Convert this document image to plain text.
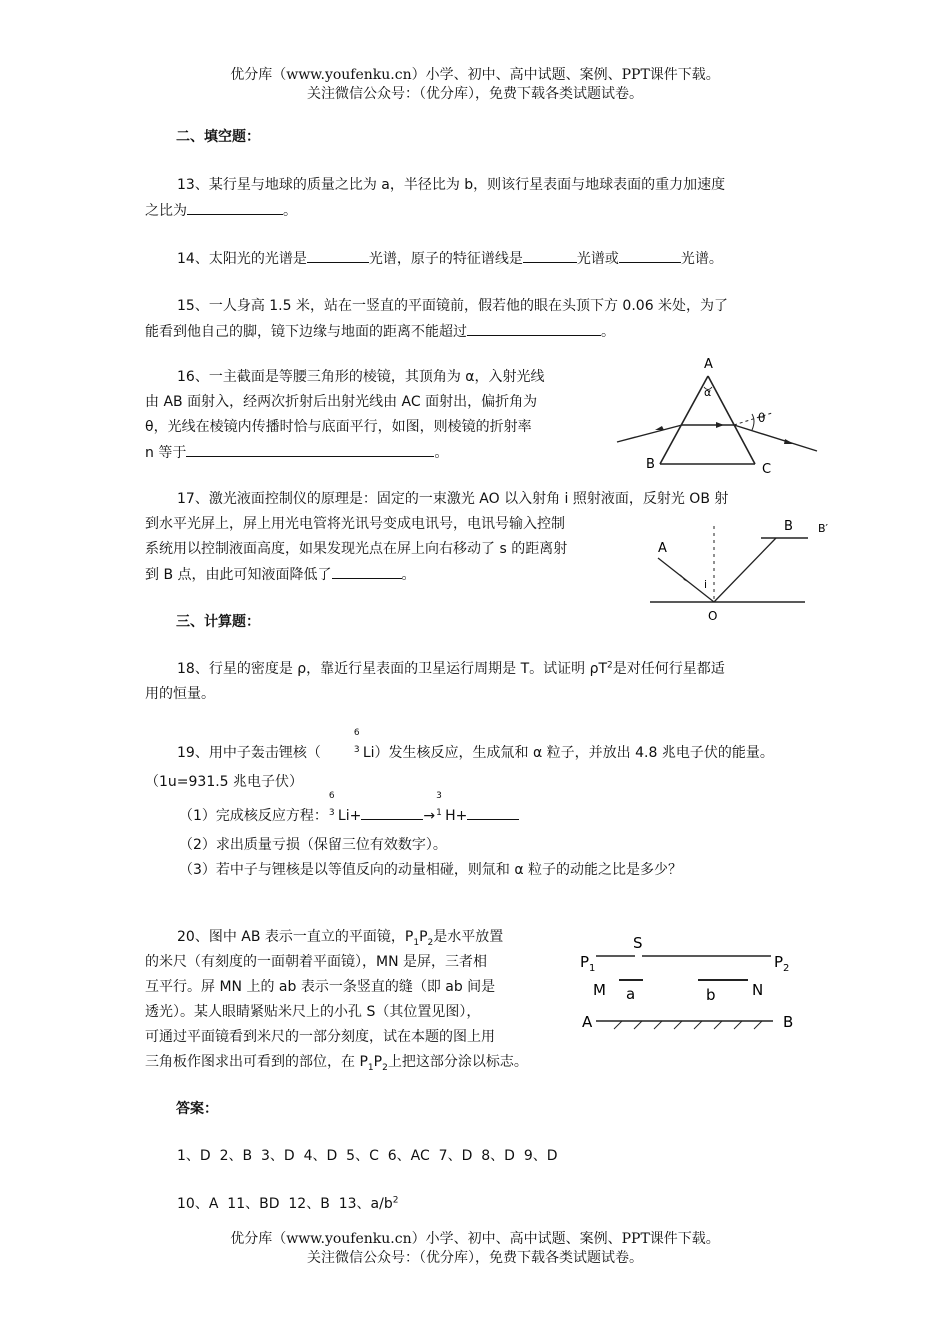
优分库（www.youfenku.cn）小学、初中、高中试题、案例、PPT课件下载。
关注微信公众号：（优分库），免费下载各类试题试卷。
二、填空题：
13、某行星与地球的质量之比为 a，半径比为 b，则该行星表面与地球表面的重力加速度
之比为	。
14、太阳光的光谱是	光谱，原子的特征谱线是	光谱或	光谱。
15、一人身高 1.5 米，站在一竖直的平面镜前，假若他的眼在头顶下方 0.06 米处，为了
能看到他自己的脚，镜下边缘与地面的距离不能超过	。
16、一主截面是等腰三角形的棱镜，其顶角为 α，入射光线
由 AB 面射入，经两次折射后出射光线由 AC 面射出，偏折角为
θ，光线在棱镜内传播时恰与底面平行，如图，则棱镜的折射率
n 等于	。
A
α
θ
B	C
17、激光液面控制仪的原理是：固定的一束激光 AO 以入射角 i 照射液面，反射光 OB 射
到水平光屏上，屏上用光电管将光讯号变成电讯号，电讯号输入控制
系统用以控制液面高度，如果发现光点在屏上向右移动了 s 的距离射
到 B 点，由此可知液面降低了	。
A
i
B B′
O
三、计算题：
18、行星的密度是 ρ，靠近行星表面的卫星运行周期是 T。试证明 $\rho T^2$是对任何行星都适
用的恒量。
19、用中子轰击锂核（
6
3 Li）发生核反应，生成氚和 α 粒子，并放出 4.8 兆电子伏的能量。
（1u=931.5 兆电子伏）
（1）完成核反应方程：
6
3 Li+	→
3
1 H+
（2）求出质量亏损（保留三位有效数字）。
（3）若中子与锂核是以等值反向的动量相碰，则氚和 α 粒子的动能之比是多少？
20、图中 AB 表示一直立的平面镜，$P_1P_2$是水平放置
的米尺（有刻度的一面朝着平面镜），MN 是屏，三者相
互平行。屏 MN 上的 ab 表示一条竖直的缝（即 ab 间是
透光）。某人眼睛紧贴米尺上的小孔 S（其位置见图），
可通过平面镜看到米尺的一部分刻度，试在本题的图上用
三角板作图求出可看到的部位，在 $P_1P_2$上把这部分涂以标志。
S
$P_1$	$P_2$
M a	b N
A	B
答案：
1、D  2、B  3、D  4、D  5、C  6、AC  7、D  8、D  9、D
10、A  11、BD  12、B  13、$a/b^2$
优分库（www.youfenku.cn）小学、初中、高中试题、案例、PPT课件下载。
关注微信公众号：（优分库），免费下载各类试题试卷。
